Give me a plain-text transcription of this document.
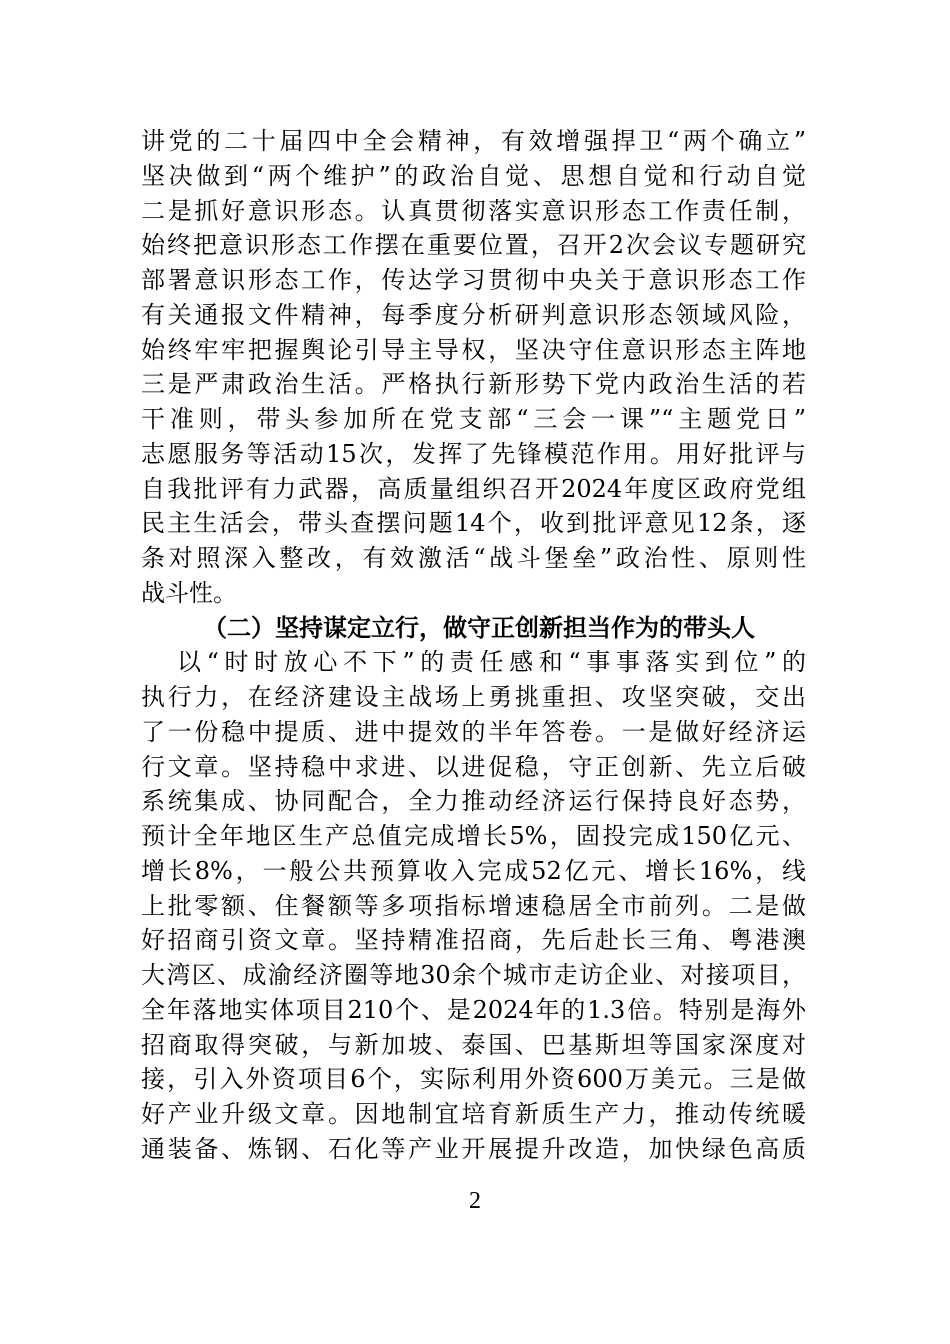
讲党的二十届四中全会精神，有效增强捍卫“两个确立”
坚决做到“两个维护”的政治自觉、思想自觉和行动自觉
二是抓好意识形态。认真贯彻落实意识形态工作责任制，
始终把意识形态工作摆在重要位置，召开2次会议专题研究
部署意识形态工作，传达学习贯彻中央关于意识形态工作
有关通报文件精神，每季度分析研判意识形态领域风险，
始终牢牢把握舆论引导主导权，坚决守住意识形态主阵地
三是严肃政治生活。严格执行新形势下党内政治生活的若
干准则，带头参加所在党支部“三会一课”“主题党日”
志愿服务等活动15次，发挥了先锋模范作用。用好批评与
自我批评有力武器，高质量组织召开2024年度区政府党组
民主生活会，带头查摆问题14个，收到批评意见12条，逐
条对照深入整改，有效激活“战斗堡垒”政治性、原则性
战斗性。
（二）坚持谋定立行，做守正创新担当作为的带头人
以“时时放心不下”的责任感和“事事落实到位”的
执行力，在经济建设主战场上勇挑重担、攻坚突破，交出
了一份稳中提质、进中提效的半年答卷。一是做好经济运
行文章。坚持稳中求进、以进促稳，守正创新、先立后破
系统集成、协同配合，全力推动经济运行保持良好态势，
预计全年地区生产总值完成增长5%，固投完成150亿元、
增长8%，一般公共预算收入完成52亿元、增长16%，线
上批零额、住餐额等多项指标增速稳居全市前列。二是做
好招商引资文章。坚持精准招商，先后赴长三角、粤港澳
大湾区、成渝经济圈等地30余个城市走访企业、对接项目，
全年落地实体项目210个、是2024年的1.3倍。特别是海外
招商取得突破，与新加坡、泰国、巴基斯坦等国家深度对
接，引入外资项目6个，实际利用外资600万美元。三是做
好产业升级文章。因地制宜培育新质生产力，推动传统暖
通装备、炼钢、石化等产业开展提升改造，加快绿色高质
2
